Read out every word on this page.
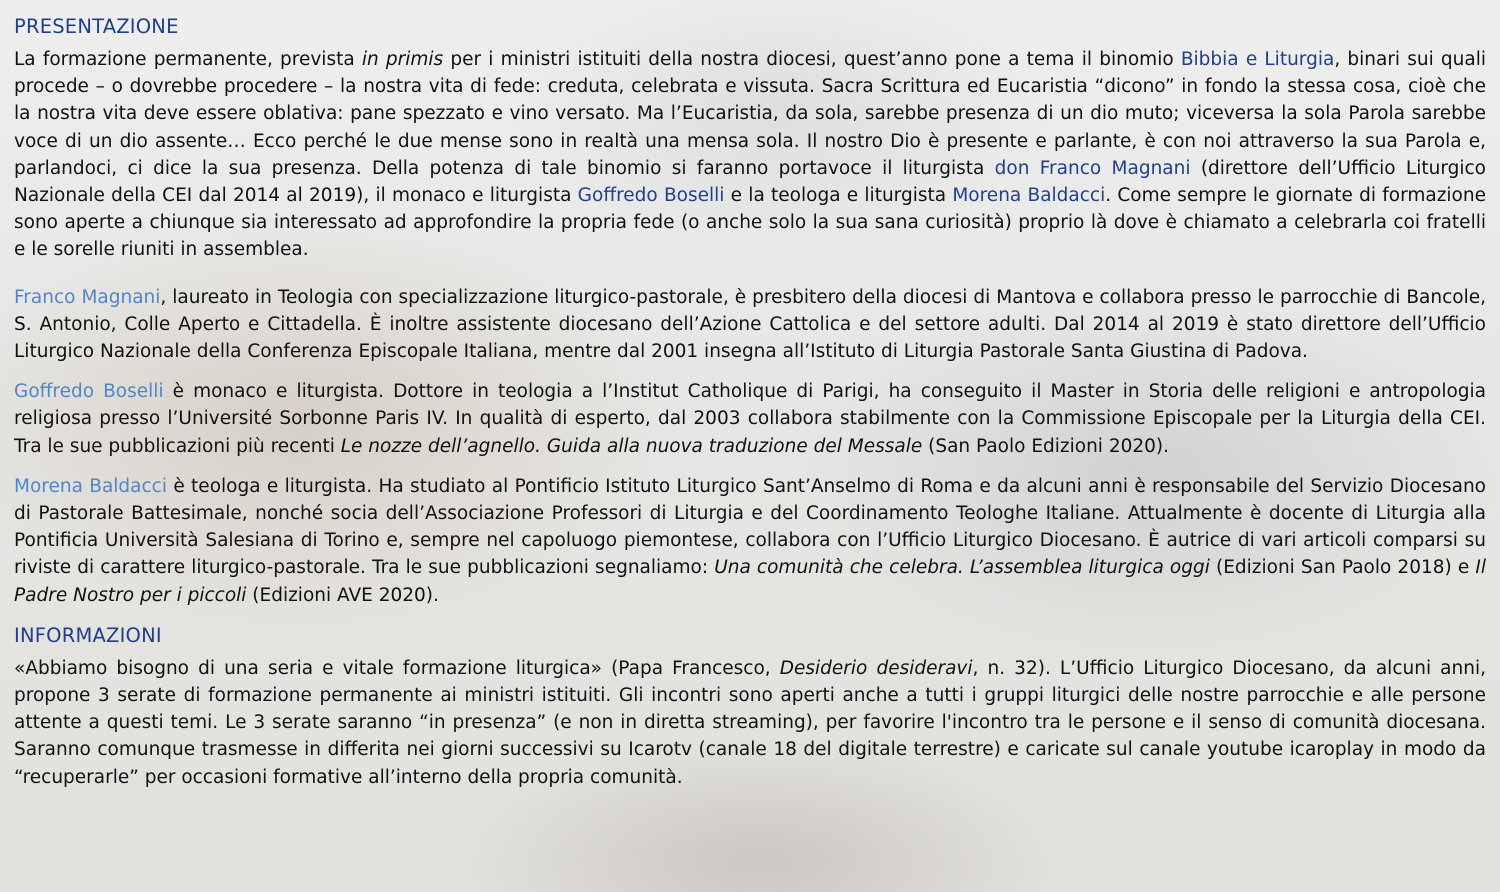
PRESENTAZIONE

La formazione permanente, prevista in primis per i ministri istituiti della nostra diocesi, quest’anno pone a tema il binomio Bibbia e Liturgia, binari sui quali procede – o dovrebbe procedere – la nostra vita di fede: creduta, celebrata e vissuta. Sacra Scrittura ed Eucaristia “dicono” in fondo la stessa cosa, cioè che la nostra vita deve essere oblativa: pane spezzato e vino versato. Ma l’Eucaristia, da sola, sarebbe presenza di un dio muto; viceversa la sola Parola sarebbe voce di un dio assente… Ecco perché le due mense sono in realtà una mensa sola. Il nostro Dio è presente e parlante, è con noi attraverso la sua Parola e, parlandoci, ci dice la sua presenza. Della potenza di tale binomio si faranno portavoce il liturgista don Franco Magnani (direttore dell’Ufficio Liturgico Nazionale della CEI dal 2014 al 2019), il monaco e liturgista Goffredo Boselli e la teologa e liturgista Morena Baldacci. Come sempre le giornate di formazione sono aperte a chiunque sia interessato ad approfondire la propria fede (o anche solo la sua sana curiosità) proprio là dove è chiamato a celebrarla coi fratelli e le sorelle riuniti in assemblea.

Franco Magnani, laureato in Teologia con specializzazione liturgico-pastorale, è presbitero della diocesi di Mantova e collabora presso le parrocchie di Bancole, S. Antonio, Colle Aperto e Cittadella. È inoltre assistente diocesano dell’Azione Cattolica e del settore adulti. Dal 2014 al 2019 è stato direttore dell’Ufficio Liturgico Nazionale della Conferenza Episcopale Italiana, mentre dal 2001 insegna all’Istituto di Liturgia Pastorale Santa Giustina di Padova.

Goffredo Boselli è monaco e liturgista. Dottore in teologia a l’Institut Catholique di Parigi, ha conseguito il Master in Storia delle religioni e antropologia religiosa presso l’Université Sorbonne Paris IV. In qualità di esperto, dal 2003 collabora stabilmente con la Commissione Episcopale per la Liturgia della CEI. Tra le sue pubblicazioni più recenti Le nozze dell’agnello. Guida alla nuova traduzione del Messale (San Paolo Edizioni 2020).

Morena Baldacci è teologa e liturgista. Ha studiato al Pontificio Istituto Liturgico Sant’Anselmo di Roma e da alcuni anni è responsabile del Servizio Diocesano di Pastorale Battesimale, nonché socia dell’Associazione Professori di Liturgia e del Coordinamento Teologhe Italiane. Attualmente è docente di Liturgia alla Pontificia Università Salesiana di Torino e, sempre nel capoluogo piemontese, collabora con l’Ufficio Liturgico Diocesano. È autrice di vari articoli comparsi su riviste di carattere liturgico-pastorale. Tra le sue pubblicazioni segnaliamo: Una comunità che celebra. L’assemblea liturgica oggi (Edizioni San Paolo 2018) e Il Padre Nostro per i piccoli (Edizioni AVE 2020).

INFORMAZIONI

«Abbiamo bisogno di una seria e vitale formazione liturgica» (Papa Francesco, Desiderio desideravi, n. 32). L’Ufficio Liturgico Diocesano, da alcuni anni, propone 3 serate di formazione permanente ai ministri istituiti. Gli incontri sono aperti anche a tutti i gruppi liturgici delle nostre parrocchie e alle persone attente a questi temi. Le 3 serate saranno “in presenza” (e non in diretta streaming), per favorire l'incontro tra le persone e il senso di comunità diocesana. Saranno comunque trasmesse in differita nei giorni successivi su Icarotv (canale 18 del digitale terrestre) e caricate sul canale youtube icaroplay in modo da “recuperarle” per occasioni formative all’interno della propria comunità.
